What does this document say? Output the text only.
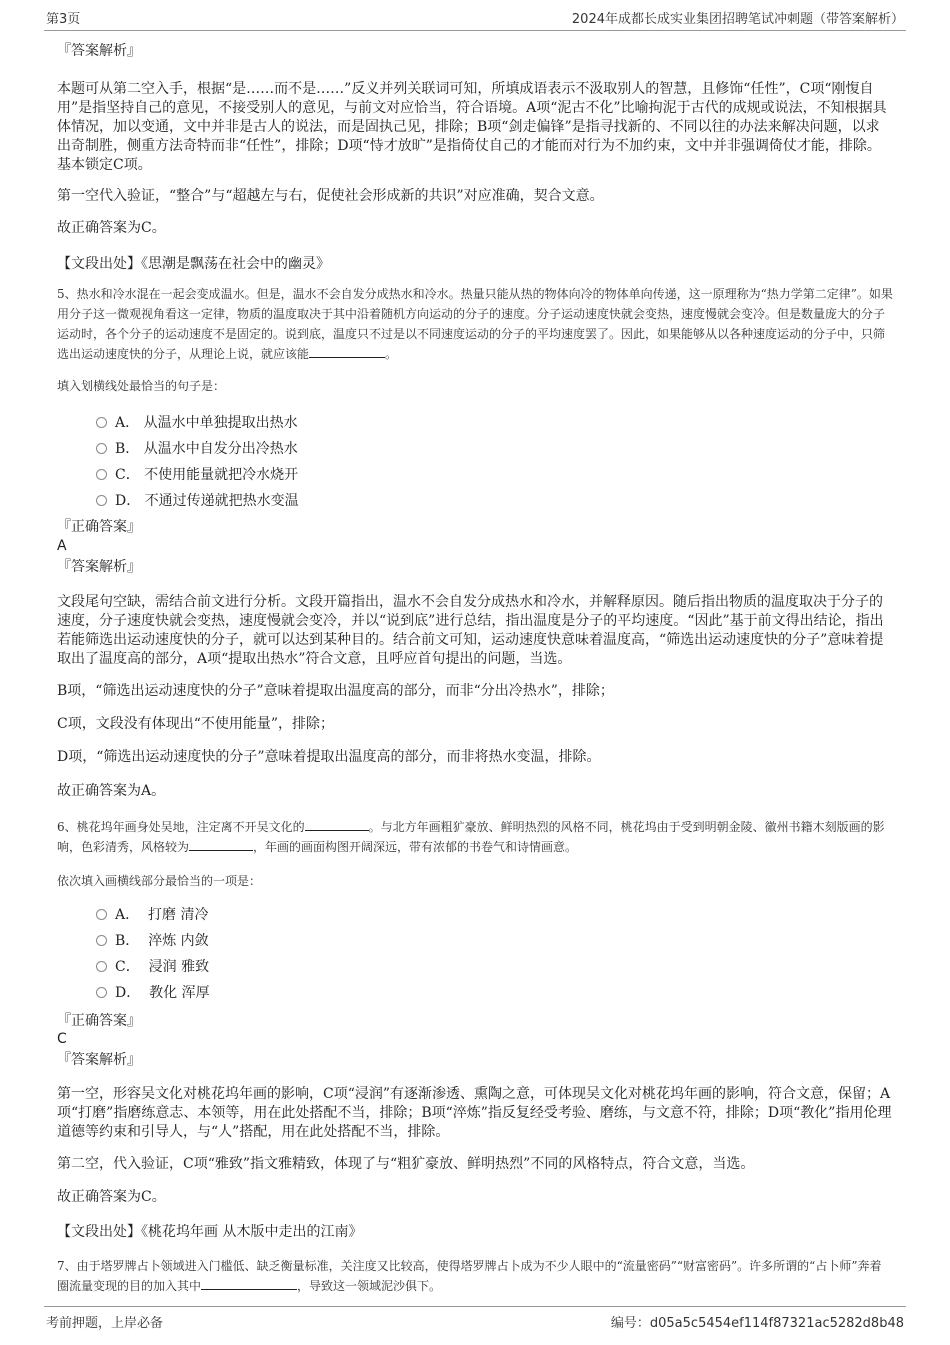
第3页	2024年成都长成实业集团招聘笔试冲刺题（带答案解析）
考前押题，上岸必备	编号：d05a5c5454ef114f87321ac5282d8b48
『答案解析』
本题可从第二空入手，根据“是……而不是……”反义并列关联词可知，所填成语表示不汲取别人的智慧，且修饰“任性”，C项“刚愎自用”是指坚持自己的意见，不接受别人的意见，与前文对应恰当，符合语境。A项“泥古不化”比喻拘泥于古代的成规或说法，不知根据具体情况，加以变通，文中并非是古人的说法，而是固执己见，排除；B项“剑走偏锋”是指寻找新的、不同以往的办法来解决问题，以求出奇制胜，侧重方法奇特而非“任性”，排除；D项“恃才放旷”是指倚仗自己的才能而对行为不加约束，文中并非强调倚仗才能，排除。基本锁定C项。
第一空代入验证，“整合”与“超越左与右，促使社会形成新的共识”对应准确，契合文意。
故正确答案为C。
【文段出处】《思潮是飘荡在社会中的幽灵》
5、热水和冷水混在一起会变成温水。但是，温水不会自发分成热水和冷水。热量只能从热的物体向冷的物体单向传递，这一原理称为“热力学第二定律”。如果用分子这一微观视角看这一定律，物质的温度取决于其中沿着随机方向运动的分子的速度。分子运动速度快就会变热，速度慢就会变冷。但是数量庞大的分子运动时，各个分子的运动速度不是固定的。说到底，温度只不过是以不同速度运动的分子的平均速度罢了。因此，如果能够从以各种速度运动的分子中，只筛选出运动速度快的分子，从理论上说，就应该能	。
填入划横线处最恰当的句子是：
A． 从温水中单独提取出热水
B． 从温水中自发分出冷热水
C． 不使用能量就把冷水烧开
D． 不通过传递就把热水变温
『正确答案』
A
『答案解析』
文段尾句空缺，需结合前文进行分析。文段开篇指出，温水不会自发分成热水和冷水，并解释原因。随后指出物质的温度取决于分子的速度，分子速度快就会变热，速度慢就会变冷，并以“说到底”进行总结，指出温度是分子的平均速度。“因此”基于前文得出结论，指出若能筛选出运动速度快的分子，就可以达到某种目的。结合前文可知，运动速度快意味着温度高，“筛选出运动速度快的分子”意味着提取出了温度高的部分，A项“提取出热水”符合文意，且呼应首句提出的问题，当选。
B项，“筛选出运动速度快的分子”意味着提取出温度高的部分，而非“分出冷热水”，排除；
C项，文段没有体现出“不使用能量”，排除；
D项，“筛选出运动速度快的分子”意味着提取出温度高的部分，而非将热水变温，排除。
故正确答案为A。
6、桃花坞年画身处吴地，注定离不开吴文化的	。与北方年画粗犷豪放、鲜明热烈的风格不同，桃花坞由于受到明朝金陵、徽州书籍木刻版画的影响，色彩清秀，风格较为	，年画的画面构图开阔深远，带有浓郁的书卷气和诗情画意。
依次填入画横线部分最恰当的一项是：
A． 打磨 清冷
B． 淬炼 内敛
C． 浸润 雅致
D． 教化 浑厚
『正确答案』
C
『答案解析』
第一空，形容吴文化对桃花坞年画的影响，C项“浸润”有逐渐渗透、熏陶之意，可体现吴文化对桃花坞年画的影响，符合文意，保留；A项“打磨”指磨练意志、本领等，用在此处搭配不当，排除；B项“淬炼”指反复经受考验、磨练，与文意不符，排除；D项“教化”指用伦理道德等约束和引导人，与“人”搭配，用在此处搭配不当，排除。
第二空，代入验证，C项“雅致”指文雅精致，体现了与“粗犷豪放、鲜明热烈”不同的风格特点，符合文意，当选。
故正确答案为C。
【文段出处】《桃花坞年画 从木版中走出的江南》
7、由于塔罗牌占卜领域进入门槛低、缺乏衡量标准，关注度又比较高，使得塔罗牌占卜成为不少人眼中的“流量密码”“财富密码”。许多所谓的“占卜师”奔着圈流量变现的目的加入其中	，导致这一领域泥沙俱下。
